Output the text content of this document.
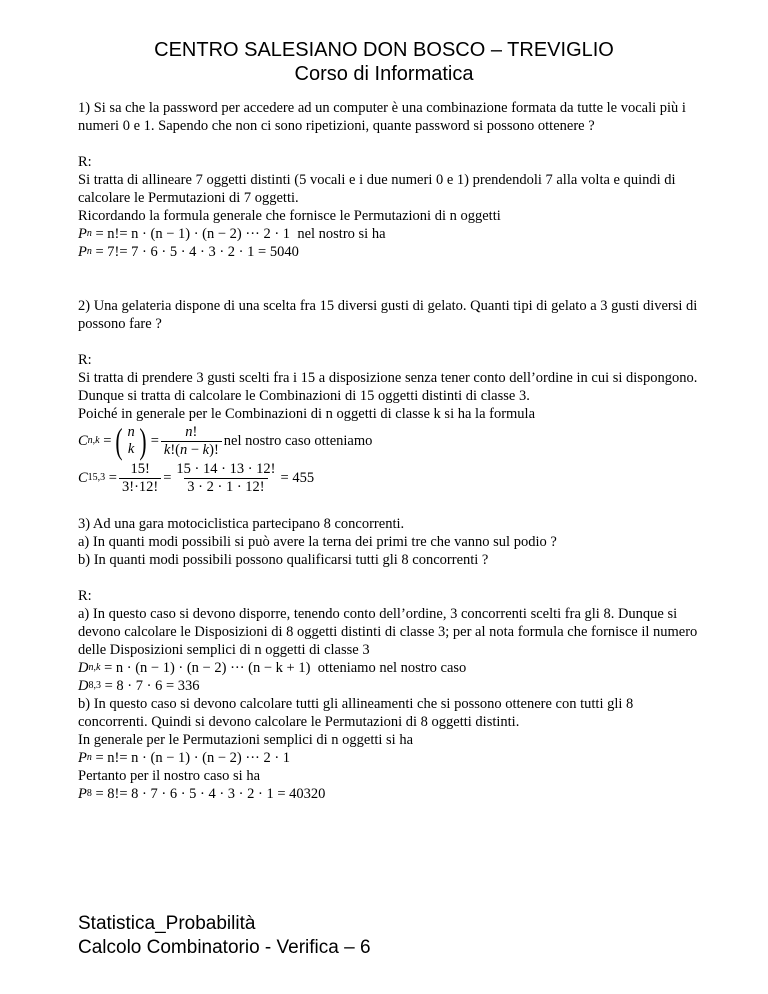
CENTRO SALESIANO DON BOSCO – TREVIGLIO
Corso di Informatica

1) Si sa che la password per accedere ad un computer è una combinazione formata da tutte le vocali più i numeri 0 e 1. Sapendo che non ci sono ripetizioni, quante password si possono ottenere ?

R:

Si tratta di allineare 7 oggetti distinti (5 vocali e i due numeri 0 e 1) prendendoli 7 alla volta e quindi di calcolare le Permutazioni di 7 oggetti.

Ricordando la formula generale che fornisce le Permutazioni di n oggetti

P n
= n!= n · (n − 1) · (n − 2) ··· 2 · 1
nel nostro si ha
P n
= 7!= 7 · 6 · 5 · 4 · 3 · 2 · 1 = 5040

2) Una gelateria dispone di una scelta fra 15 diversi gusti di gelato. Quanti tipi di gelato a 3 gusti diversi di possono fare ?

R:

Si tratta di prendere 3 gusti scelti fra i 15 a disposizione senza tener conto dell’ordine in cui si dispongono. Dunque si tratta di calcolare le Combinazioni di 15 oggetti distinti di classe 3.

Poiché in generale per le Combinazioni di n oggetti di classe k si ha la formula

C n,k = ( n
k ) = $\frac{n!}{k!(n - k)!}$ nel nostro caso otteniamo
C $15,3 = \frac{15!}{3!\cdot 12!} = \frac{15 \cdot 14 \cdot 13 \cdot 12!}{3 \cdot 2 \cdot 1 \cdot 12!} = 455$

3) Ad una gara motociclistica partecipano 8 concorrenti.

a) In quanti modi possibili si può avere la terna dei primi tre che vanno sul podio ?

b) In quanti modi possibili possono qualificarsi tutti gli 8 concorrenti ?

R:

a) In questo caso si devono disporre, tenendo conto dell’ordine, 3 concorrenti scelti fra gli 8. Dunque si devono calcolare le Disposizioni di 8 oggetti distinti di classe 3; per al nota formula che fornisce il numero delle Disposizioni semplici di n oggetti di classe 3

D n,k
= n · (n − 1) · (n − 2) ··· (n − k + 1)
otteniamo nel nostro caso
D 8,3
= 8 · 7 · 6 = 336

b) In questo caso si devono calcolare tutti gli allineamenti che si possono ottenere con tutti gli 8 concorrenti. Quindi si devono calcolare le Permutazioni di 8 oggetti distinti.

In generale per le Permutazioni semplici di n oggetti si ha

P n
= n!= n · (n − 1) · (n − 2) ··· 2 · 1

Pertanto per il nostro caso si ha

P 8
= 8!= 8 · 7 · 6 · 5 · 4 · 3 · 2 · 1 = 40320
Statistica_Probabilità
Calcolo Combinatorio - Verifica – 6
